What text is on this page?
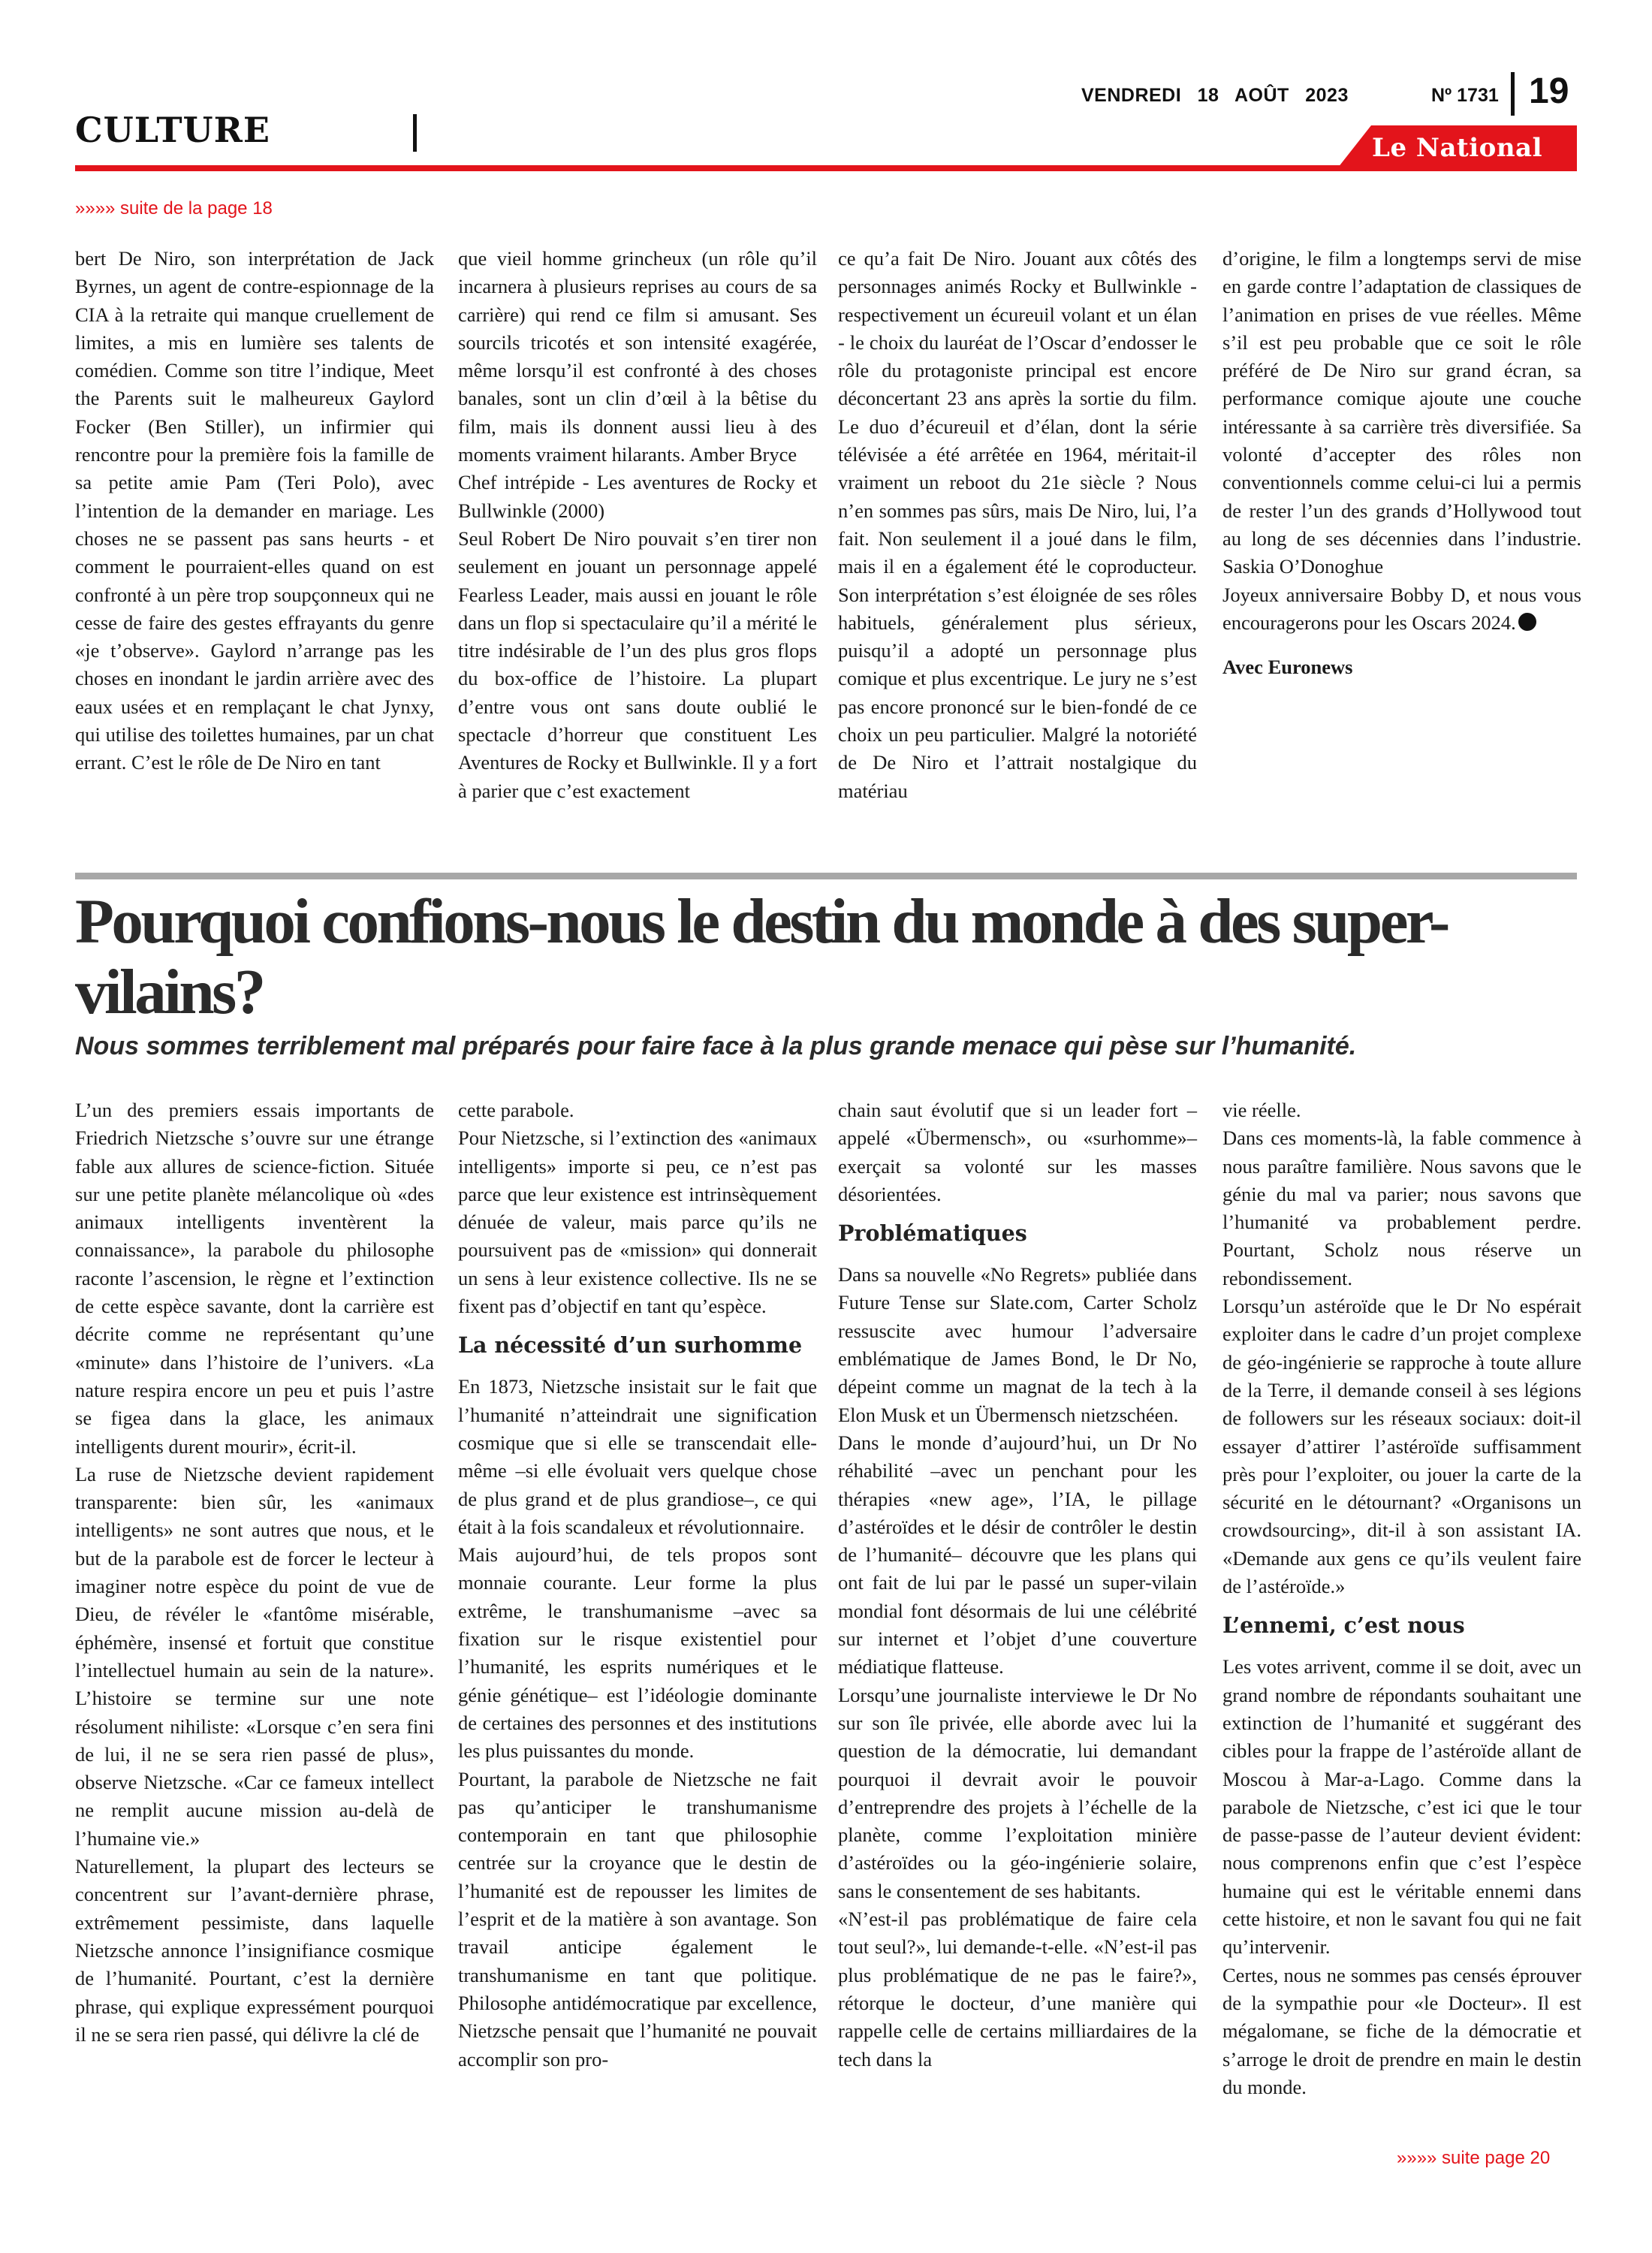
CULTURE
VENDREDI 18 AOÛT 2023	Nº 1731 19
Le National
»»»» suite de la page 18

bert De Niro, son interprétation de Jack Byrnes, un agent de contre-espionnage de la CIA à la retraite qui manque cruellement de limites, a mis en lumière ses talents de comédien. Comme son titre l’indique, Meet the Parents suit le malheureux Gaylord Focker (Ben Stiller), un infirmier qui rencontre pour la première fois la famille de sa petite amie Pam (Teri Polo), avec l’intention de la demander en mariage. Les choses ne se passent pas sans heurts - et comment le pourraient-elles quand on est confronté à un père trop soupçonneux qui ne cesse de faire des gestes effrayants du genre «je t’observe». Gaylord n’arrange pas les choses en inondant le jardin arrière avec des eaux usées et en remplaçant le chat Jynxy, qui utilise des toilettes humaines, par un chat errant. C’est le rôle de De Niro en tant

que vieil homme grincheux (un rôle qu’il incarnera à plusieurs reprises au cours de sa carrière) qui rend ce film si amusant. Ses sourcils tricotés et son intensité exagérée, même lorsqu’il est confronté à des choses banales, sont un clin d’œil à la bêtise du film, mais ils donnent aussi lieu à des moments vraiment hilarants. Amber Bryce

Chef intrépide - Les aventures de Rocky et Bullwinkle (2000)

Seul Robert De Niro pouvait s’en tirer non seulement en jouant un personnage appelé Fearless Leader, mais aussi en jouant le rôle dans un flop si spectaculaire qu’il a mérité le titre indésirable de l’un des plus gros flops du box-office de l’histoire. La plupart d’entre vous ont sans doute oublié le spectacle d’horreur que constituent Les Aventures de Rocky et Bullwinkle. Il y a fort à parier que c’est exactement

ce qu’a fait De Niro. Jouant aux côtés des personnages animés Rocky et Bullwinkle - respectivement un écureuil volant et un élan - le choix du lauréat de l’Oscar d’endosser le rôle du protagoniste principal est encore déconcertant 23 ans après la sortie du film. Le duo d’écureuil et d’élan, dont la série télévisée a été arrêtée en 1964, méritait-il vraiment un reboot du 21e siècle ? Nous n’en sommes pas sûrs, mais De Niro, lui, l’a fait. Non seulement il a joué dans le film, mais il en a également été le coproducteur. Son interprétation s’est éloignée de ses rôles habituels, généralement plus sérieux, puisqu’il a adopté un personnage plus comique et plus excentrique. Le jury ne s’est pas encore prononcé sur le bien-fondé de ce choix un peu particulier. Malgré la notoriété de De Niro et l’attrait nostalgique du matériau

d’origine, le film a longtemps servi de mise en garde contre l’adaptation de classiques de l’animation en prises de vue réelles. Même s’il est peu probable que ce soit le rôle préféré de De Niro sur grand écran, sa performance comique ajoute une couche intéressante à sa carrière très diversifiée. Sa volonté d’accepter des rôles non conventionnels comme celui-ci lui a permis de rester l’un des grands d’Hollywood tout au long de ses décennies dans l’industrie. Saskia O’Donoghue

Joyeux anniversaire Bobby D, et nous vous encouragerons pour les Oscars 2024.

Avec Euronews

Pourquoi confions-nous le destin du monde à des super-vilains?
Nous sommes terriblement mal préparés pour faire face à la plus grande menace qui pèse sur l’humanité.

L’un des premiers essais importants de Friedrich Nietzsche s’ouvre sur une étrange fable aux allures de science-fiction. Située sur une petite planète mélancolique où «des animaux intelligents inventèrent la connaissance», la parabole du philosophe raconte l’ascension, le règne et l’extinction de cette espèce savante, dont la carrière est décrite comme ne représentant qu’une «minute» dans l’histoire de l’univers. «La nature respira encore un peu et puis l’astre se figea dans la glace, les animaux intelligents durent mourir», écrit-il.

La ruse de Nietzsche devient rapidement transparente: bien sûr, les «animaux intelligents» ne sont autres que nous, et le but de la parabole est de forcer le lecteur à imaginer notre espèce du point de vue de Dieu, de révéler le «fantôme misérable, éphémère, insensé et fortuit que constitue l’intellectuel humain au sein de la nature». L’histoire se termine sur une note résolument nihiliste: «Lorsque c’en sera fini de lui, il ne se sera rien passé de plus», observe Nietzsche. «Car ce fameux intellect ne remplit aucune mission au-delà de l’humaine vie.»

Naturellement, la plupart des lecteurs se concentrent sur l’avant-dernière phrase, extrêmement pessimiste, dans laquelle Nietzsche annonce l’insignifiance cosmique de l’humanité. Pourtant, c’est la dernière phrase, qui explique expressément pourquoi il ne se sera rien passé, qui délivre la clé de

cette parabole.

Pour Nietzsche, si l’extinction des «animaux intelligents» importe si peu, ce n’est pas parce que leur existence est intrinsèquement dénuée de valeur, mais parce qu’ils ne poursuivent pas de «mission» qui donnerait un sens à leur existence collective. Ils ne se fixent pas d’objectif en tant qu’espèce.

La nécessité d’un surhomme

En 1873, Nietzsche insistait sur le fait que l’humanité n’atteindrait une signification cosmique que si elle se transcendait elle-même –si elle évoluait vers quelque chose de plus grand et de plus grandiose–, ce qui était à la fois scandaleux et révolutionnaire.

Mais aujourd’hui, de tels propos sont monnaie courante. Leur forme la plus extrême, le transhumanisme –avec sa fixation sur le risque existentiel pour l’humanité, les esprits numériques et le génie génétique– est l’idéologie dominante de certaines des personnes et des institutions les plus puissantes du monde.

Pourtant, la parabole de Nietzsche ne fait pas qu’anticiper le transhumanisme contemporain en tant que philosophie centrée sur la croyance que le destin de l’humanité est de repousser les limites de l’esprit et de la matière à son avantage. Son travail anticipe également le transhumanisme en tant que politique. Philosophe antidémocratique par excellence, Nietzsche pensait que l’humanité ne pouvait accomplir son pro-

chain saut évolutif que si un leader fort –appelé «Übermensch», ou «surhomme»– exerçait sa volonté sur les masses désorientées.

Problématiques

Dans sa nouvelle «No Regrets» publiée dans Future Tense sur Slate.com, Carter Scholz ressuscite avec humour l’adversaire emblématique de James Bond, le Dr No, dépeint comme un magnat de la tech à la Elon Musk et un Übermensch nietzschéen.

Dans le monde d’aujourd’hui, un Dr No réhabilité –avec un penchant pour les thérapies «new age», l’IA, le pillage d’astéroïdes et le désir de contrôler le destin de l’humanité– découvre que les plans qui ont fait de lui par le passé un super-vilain mondial font désormais de lui une célébrité sur internet et l’objet d’une couverture médiatique flatteuse.

Lorsqu’une journaliste interviewe le Dr No sur son île privée, elle aborde avec lui la question de la démocratie, lui demandant pourquoi il devrait avoir le pouvoir d’entreprendre des projets à l’échelle de la planète, comme l’exploitation minière d’astéroïdes ou la géo-ingénierie solaire, sans le consentement de ses habitants.

«N’est-il pas problématique de faire cela tout seul?», lui demande-t-elle. «N’est-il pas plus problématique de ne pas le faire?», rétorque le docteur, d’une manière qui rappelle celle de certains milliardaires de la tech dans la

vie réelle.

Dans ces moments-là, la fable commence à nous paraître familière. Nous savons que le génie du mal va parier; nous savons que l’humanité va probablement perdre. Pourtant, Scholz nous réserve un rebondissement.

Lorsqu’un astéroïde que le Dr No espérait exploiter dans le cadre d’un projet complexe de géo-ingénierie se rapproche à toute allure de la Terre, il demande conseil à ses légions de followers sur les réseaux sociaux: doit-il essayer d’attirer l’astéroïde suffisamment près pour l’exploiter, ou jouer la carte de la sécurité en le détournant? «Organisons un crowdsourcing», dit-il à son assistant IA. «Demande aux gens ce qu’ils veulent faire de l’astéroïde.»

L’ennemi, c’est nous

Les votes arrivent, comme il se doit, avec un grand nombre de répondants souhaitant une extinction de l’humanité et suggérant des cibles pour la frappe de l’astéroïde allant de Moscou à Mar-a-Lago. Comme dans la parabole de Nietzsche, c’est ici que le tour de passe-passe de l’auteur devient évident: nous comprenons enfin que c’est l’espèce humaine qui est le véritable ennemi dans cette histoire, et non le savant fou qui ne fait qu’intervenir.

Certes, nous ne sommes pas censés éprouver de la sympathie pour «le Docteur». Il est mégalomane, se fiche de la démocratie et s’arroge le droit de prendre en main le destin du monde.

»»»» suite page 20
